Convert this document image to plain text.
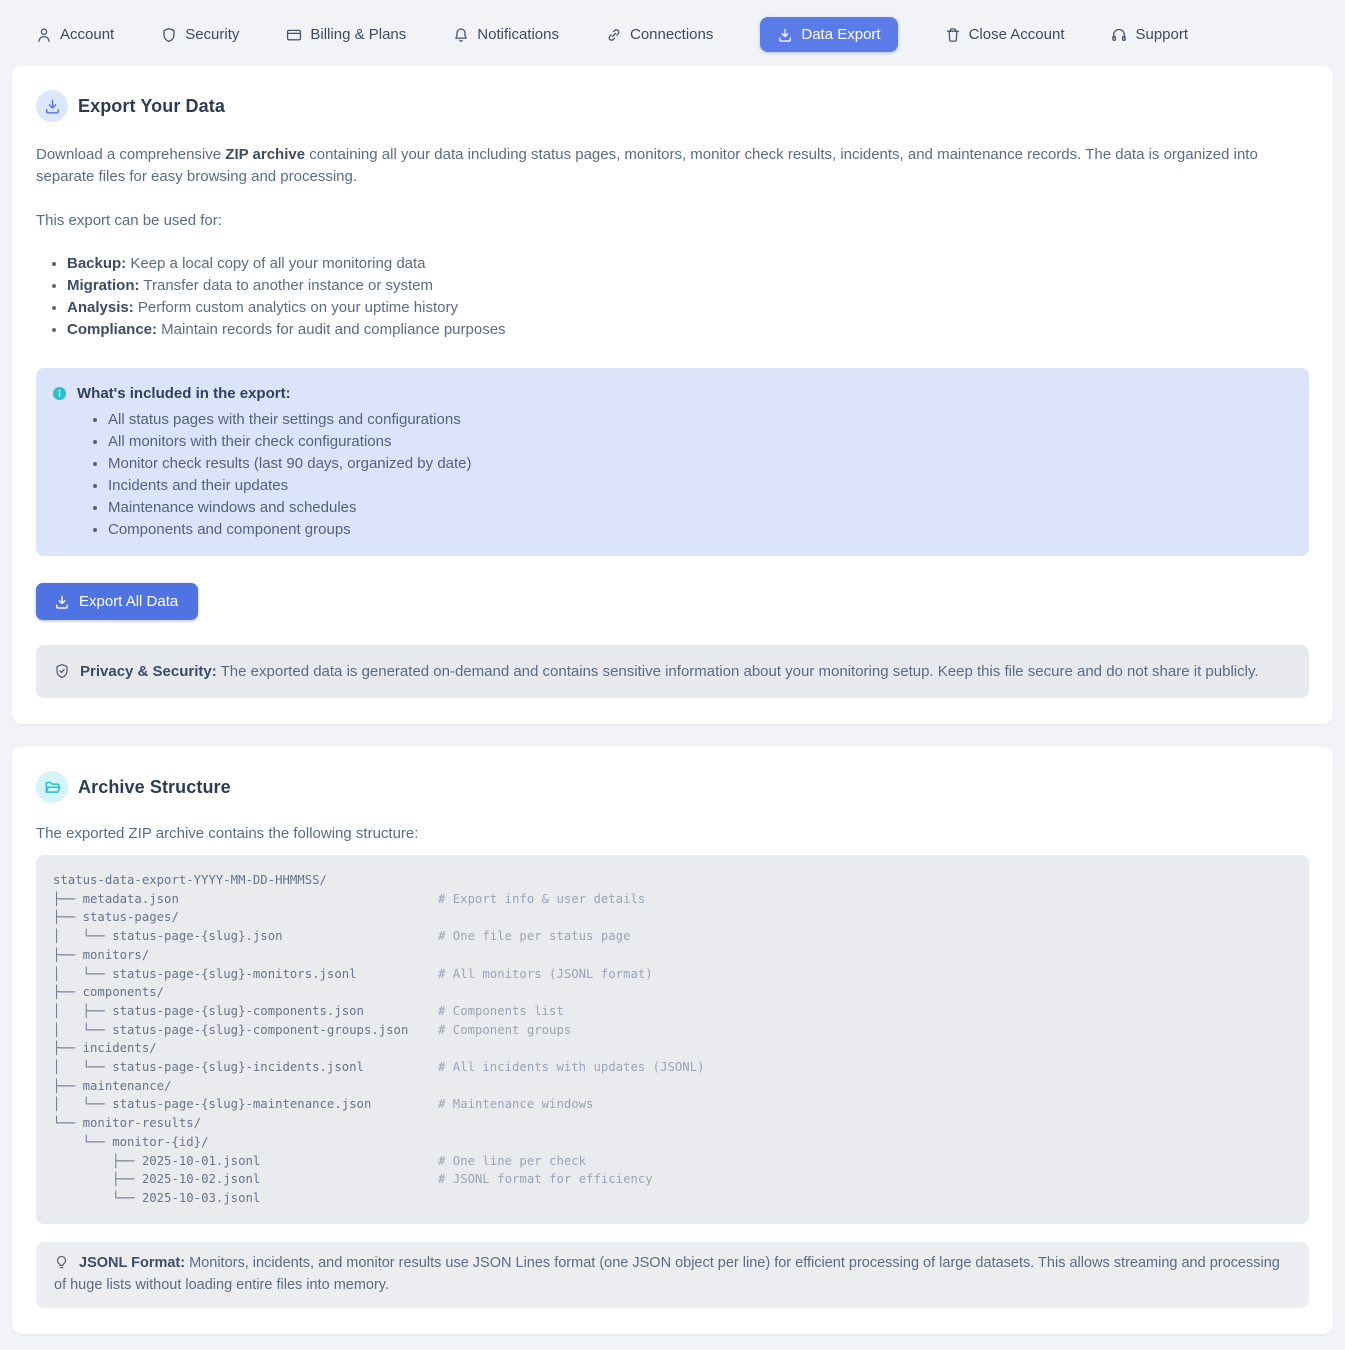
Account	Security	Billing & Plans	Notifications	Connections	Data Export	Close Account	Support
Export Your Data

Download a comprehensive ZIP archive containing all your data including status pages, monitors, monitor check results, incidents, and maintenance records. The data is organized into separate files for easy browsing and processing.

This export can be used for:

• Backup: Keep a local copy of all your monitoring data
• Migration: Transfer data to another instance or system
• Analysis: Perform custom analytics on your uptime history
• Compliance: Maintain records for audit and compliance purposes
What's included in the export:
• All status pages with their settings and configurations
• All monitors with their check configurations
• Monitor check results (last 90 days, organized by date)
• Incidents and their updates
• Maintenance windows and schedules
• Components and component groups
Export All Data
Privacy & Security: The exported data is generated on-demand and contains sensitive information about your monitoring setup. Keep this file secure and do not share it publicly.
Archive Structure

The exported ZIP archive contains the following structure:

status-data-export-YYYY-MM-DD-HHMMSS/
├── metadata.json                                   # Export info & user details
├── status-pages/
│   └── status-page-{slug}.json                     # One file per status page
├── monitors/
│   └── status-page-{slug}-monitors.jsonl           # All monitors (JSONL format)
├── components/
│   ├── status-page-{slug}-components.json          # Components list
│   └── status-page-{slug}-component-groups.json    # Component groups
├── incidents/
│   └── status-page-{slug}-incidents.jsonl          # All incidents with updates (JSONL)
├── maintenance/
│   └── status-page-{slug}-maintenance.json         # Maintenance windows
└── monitor-results/
└── monitor-{id}/
├── 2025-10-01.jsonl                        # One line per check
├── 2025-10-02.jsonl                        # JSONL format for efficiency
└── 2025-10-03.jsonl
JSONL Format: Monitors, incidents, and monitor results use JSON Lines format (one JSON object per line) for efficient processing of large datasets. This allows streaming and processing of huge lists without loading entire files into memory.
